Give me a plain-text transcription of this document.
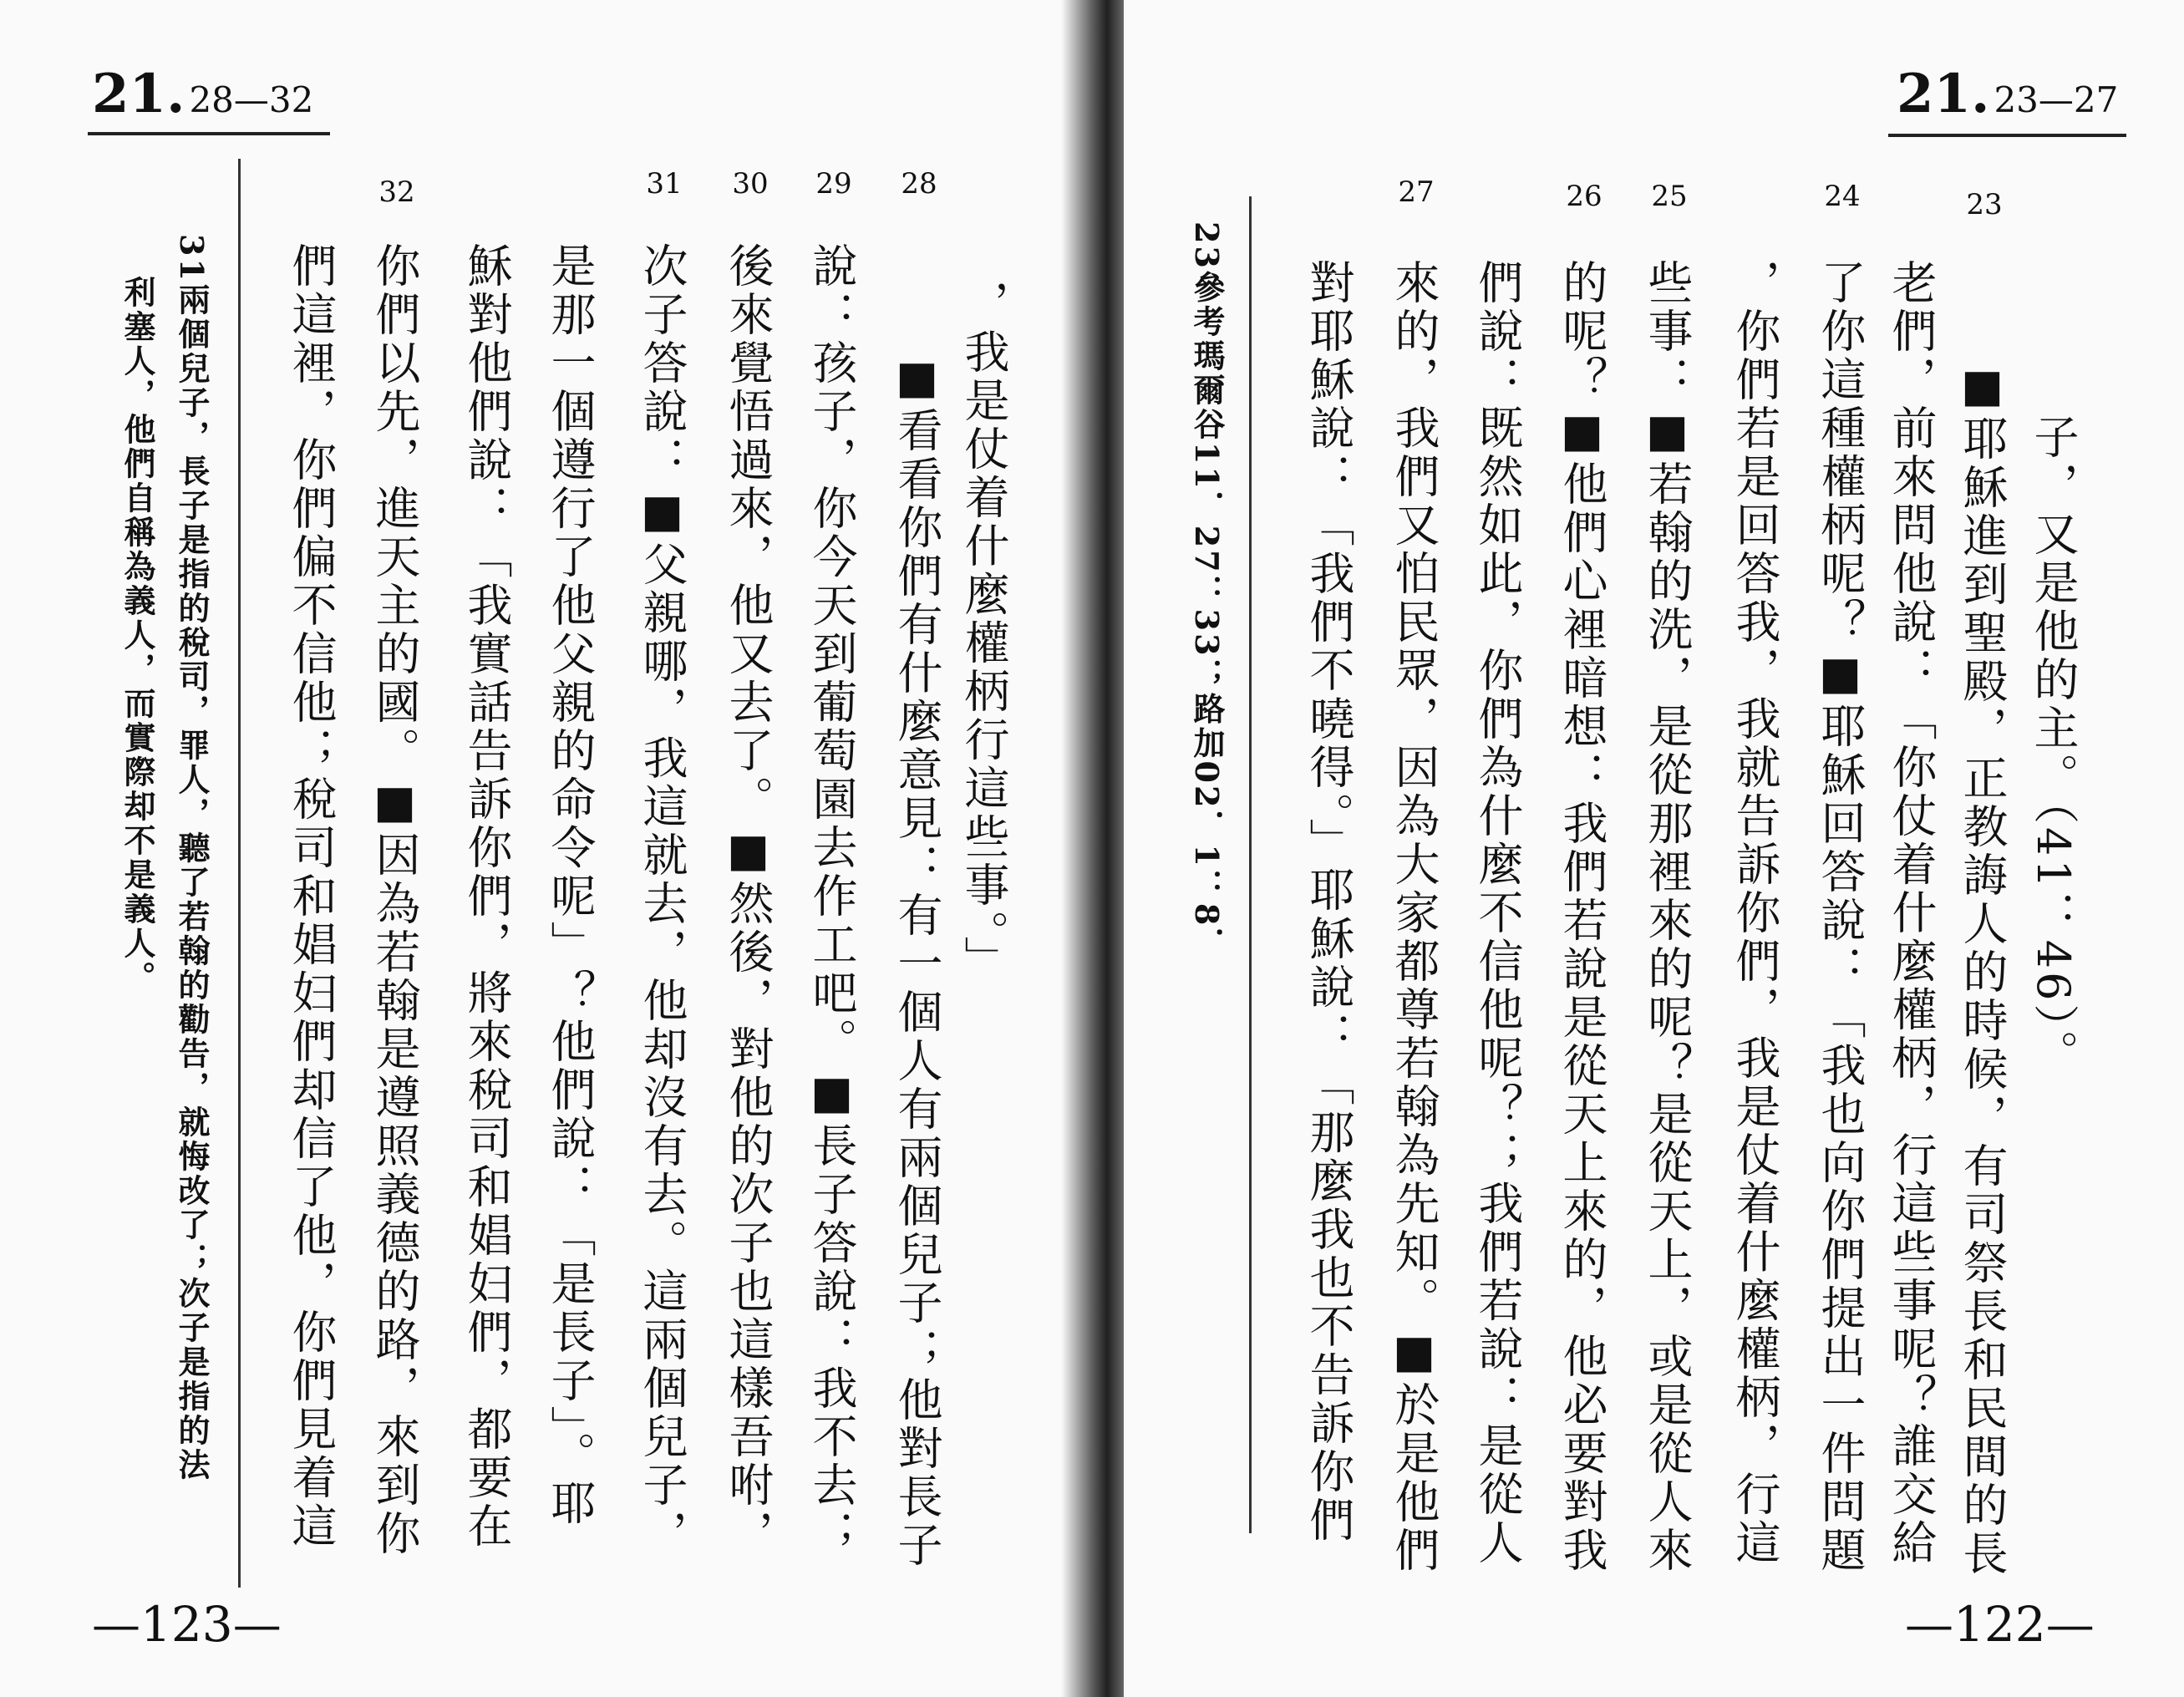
21. 28—32
28
29
30
31
32
，我是仗着什麼權柄行這些事。」
■看看你們有什麼意見：有一個人有兩個兒子；他對長子
說：孩子，你今天到葡萄園去作工吧。■長子答說：我不去；
後來覺悟過來，他又去了。■然後，對他的次子也這樣吾咐，
次子答說：■父親哪，我這就去，他却沒有去。這兩個兒子，
是那一個遵行了他父親的命令呢」？他們說：「是長子」。耶
穌對他們說：「我實話告訴你們，將來稅司和娼妇們，都要在
你們以先，進天主的國。■因為若翰是遵照義德的路，來到你
們這裡，你們偏不信他；稅司和娼妇們却信了他，你們見着這
31兩個兒子，長子是指的稅司，罪人，聽了若翰的勸告，就悔改了；次子是指的法
利塞人，他們自稱為義人，而實際却不是義人。
—123—
21. 23—27
23
24
25
26
27
子，又是他的主。（41：46）。
■耶穌進到聖殿，正教誨人的時候，有司祭長和民間的長
老們，前來問他說：「你仗着什麼權柄，行這些事呢？誰交給
了你這種權柄呢？■耶穌回答說：「我也向你們提出一件問題
，你們若是回答我，我就告訴你們，我是仗着什麼權柄，行這
些事：■若翰的洗，是從那裡來的呢？是從天上，或是從人來
的呢？■他們心裡暗想：我們若說是從天上來的，他必要對我
們說：既然如此，你們為什麼不信他呢？；我們若說：是從人
來的，我們又怕民眾，因為大家都尊若翰為先知。■於是他們
對耶穌說：「我們不曉得。」耶穌說：「那麼我也不告訴你們
23參考瑪爾谷11．27：33；路加02．1：8．
—122—
